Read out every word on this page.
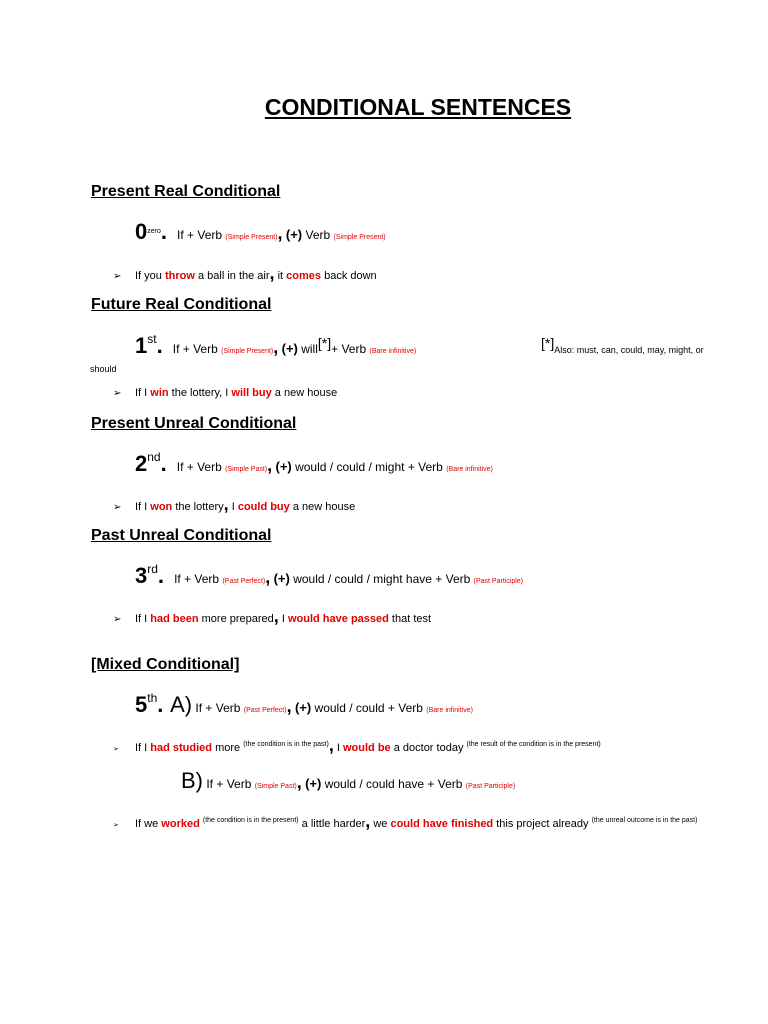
CONDITIONAL SENTENCES
Present Real Conditional
$0^{zero}$. If + Verb (Simple Present), (+) Verb (Simple Present)
➢ If you throw a ball in the air, it comes back down
Future Real Conditional
1st. If + Verb (Simple Present), (+) will[*]+ Verb (Bare infinitive)
[*]Also: must, can, could, may, might, or
should
➢ If I win the lottery, I will buy a new house
Present Unreal Conditional
2nd. If + Verb (Simple Past), (+) would / could / might + Verb (Bare infinitive)
➢ If I won the lottery, I could buy a new house
Past Unreal Conditional
3rd. If + Verb (Past Perfect), (+) would / could / might have + Verb (Past Participle)
➢ If I had been more prepared, I would have passed that test
[Mixed Conditional]
5th. A) If + Verb (Past Perfect), (+) would / could + Verb (Bare infinitive)
➢ If I had studied more $^{(the condition is in the past)}$, I would be a doctor today $^{(the result of the condition is in the present)}$
B) If + Verb (Simple Past), (+) would / could have + Verb (Past Participle)
➢ If we worked $^{(the condition is in the present)}$ a little harder, we could have finished this project already $^{(the unreal outcome is in the past)}$
